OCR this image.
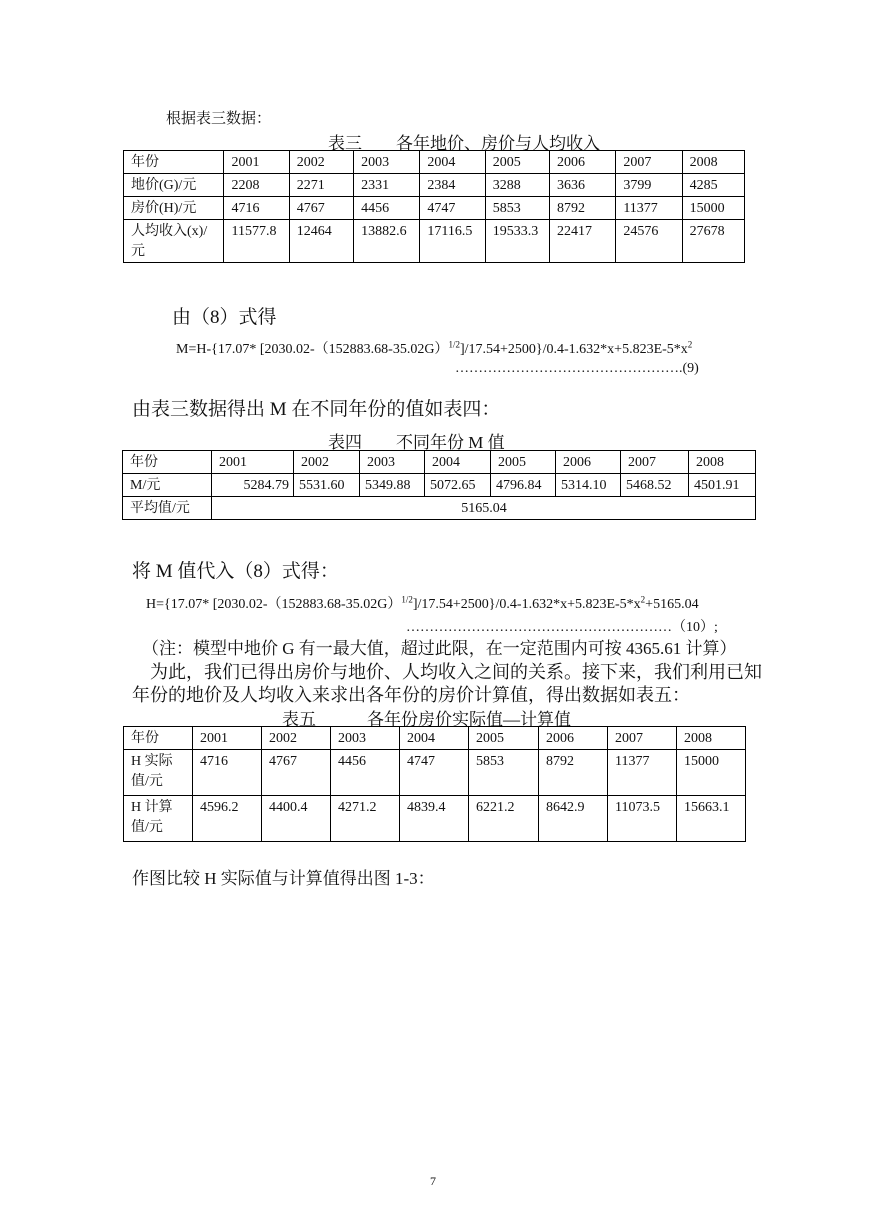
根据表三数据：
表三　　各年地价、房价与人均收入
年份	2001	2002	2003	2004	2005	2006	2007	2008
地价(G)/元	2208	2271	2331	2384	3288	3636	3799	4285
房价(H)/元	4716	4767	4456	4747	5853	8792	11377	15000
人均收入(x)/
元	11577.8	12464	13882.6	17116.5	19533.3	22417	24576	27678
由（8）式得
M=H-{17.07* $[2030.02-(152883.68-35.02G)^{1/2}]/17.54+2500\}/0.4-1.632*x+5.823E-5*x^2$
………………………………………….(9)
由表三数据得出 M 在不同年份的值如表四：
表四　　不同年份 M 值
年份	2001	2002	2003	2004	2005	2006	2007	2008
M/元	5284.79	5531.60	5349.88	5072.65	4796.84	5314.10	5468.52	4501.91
平均值/元	5165.04							
将 M 值代入（8）式得：
H={17.07* $[2030.02-(152883.68-35.02G)^{1/2}]/17.54+2500\}/0.4-1.632*x+5.823E-5*x^2+5165.04$
…………………………………………………（10）;
（注：模型中地价 G 有一最大值，超过此限，在一定范围内可按 4365.61 计算）
为此，我们已得出房价与地价、人均收入之间的关系。接下来，我们利用已知
年份的地价及人均收入来求出各年份的房价计算值，得出数据如表五：
表五　　　各年份房价实际值—计算值
年份	2001	2002	2003	2004	2005	2006	2007	2008
H 实际
值/元	4716	4767	4456	4747	5853	8792	11377	15000
H 计算
值/元	4596.2	4400.4	4271.2	4839.4	6221.2	8642.9	11073.5	15663.1
作图比较 H 实际值与计算值得出图 1-3：
7
